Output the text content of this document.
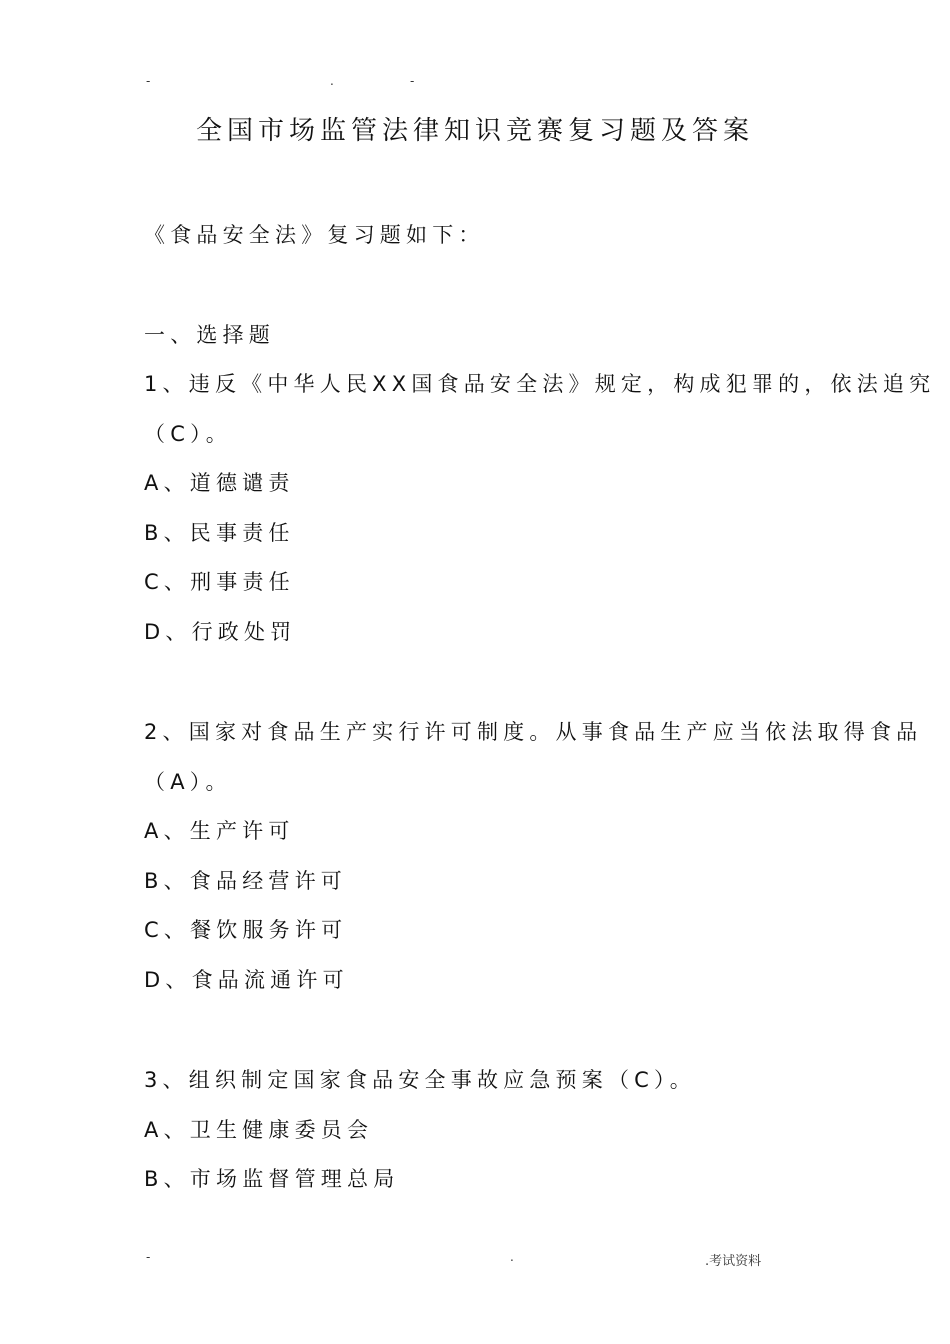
-	.	-
全国市场监管法律知识竞赛复习题及答案
《食品安全法》复习题如下：
一、选择题
1、违反《中华人民XX国食品安全法》规定，构成犯罪的，依法追究
（C）。
A、道德谴责
B、民事责任
C、刑事责任
D、行政处罚
2、国家对食品生产实行许可制度。从事食品生产应当依法取得食品
（A）。
A、生产许可
B、食品经营许可
C、餐饮服务许可
D、食品流通许可
3、组织制定国家食品安全事故应急预案（C）。
A、卫生健康委员会
B、市场监督管理总局
-	.	.考试资料
